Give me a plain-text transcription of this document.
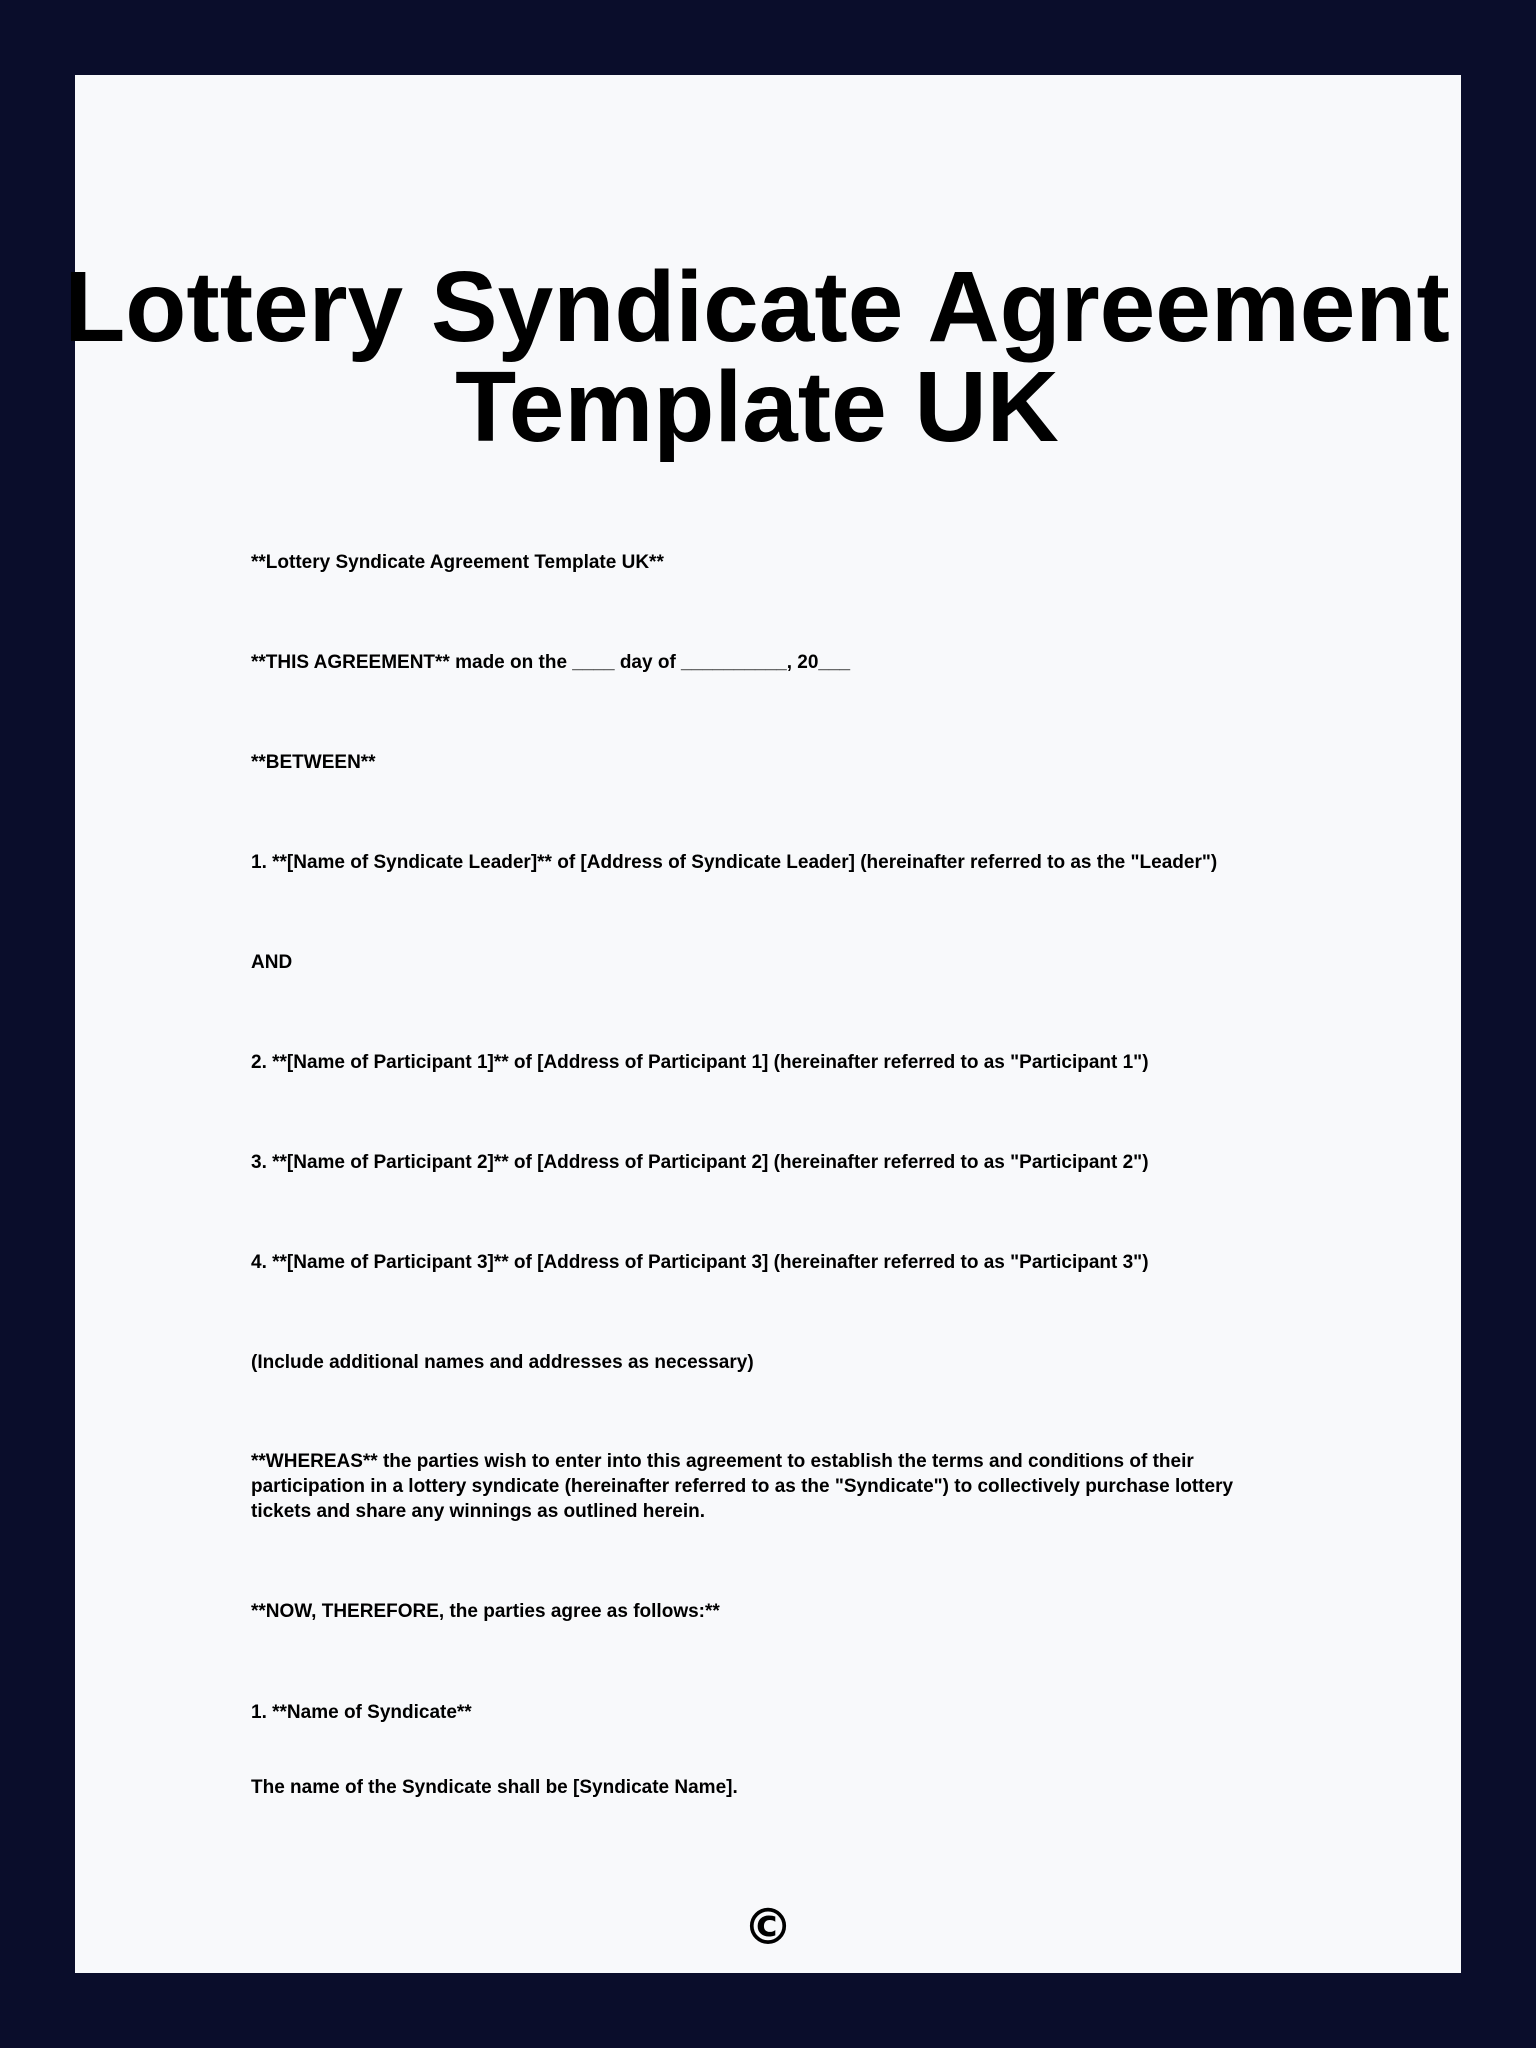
Lottery Syndicate Agreement
Template UK

**Lottery Syndicate Agreement Template UK**

**THIS AGREEMENT** made on the ____ day of __________, 20___

**BETWEEN**

1. **[Name of Syndicate Leader]** of [Address of Syndicate Leader] (hereinafter referred to as the "Leader")

AND

2. **[Name of Participant 1]** of [Address of Participant 1] (hereinafter referred to as "Participant 1")

3. **[Name of Participant 2]** of [Address of Participant 2] (hereinafter referred to as "Participant 2")

4. **[Name of Participant 3]** of [Address of Participant 3] (hereinafter referred to as "Participant 3")

(Include additional names and addresses as necessary)

**WHEREAS** the parties wish to enter into this agreement to establish the terms and conditions of their participation in a lottery syndicate (hereinafter referred to as the "Syndicate") to collectively purchase lottery tickets and share any winnings as outlined herein.

**NOW, THEREFORE, the parties agree as follows:**

1. **Name of Syndicate**

The name of the Syndicate shall be [Syndicate Name].

©
